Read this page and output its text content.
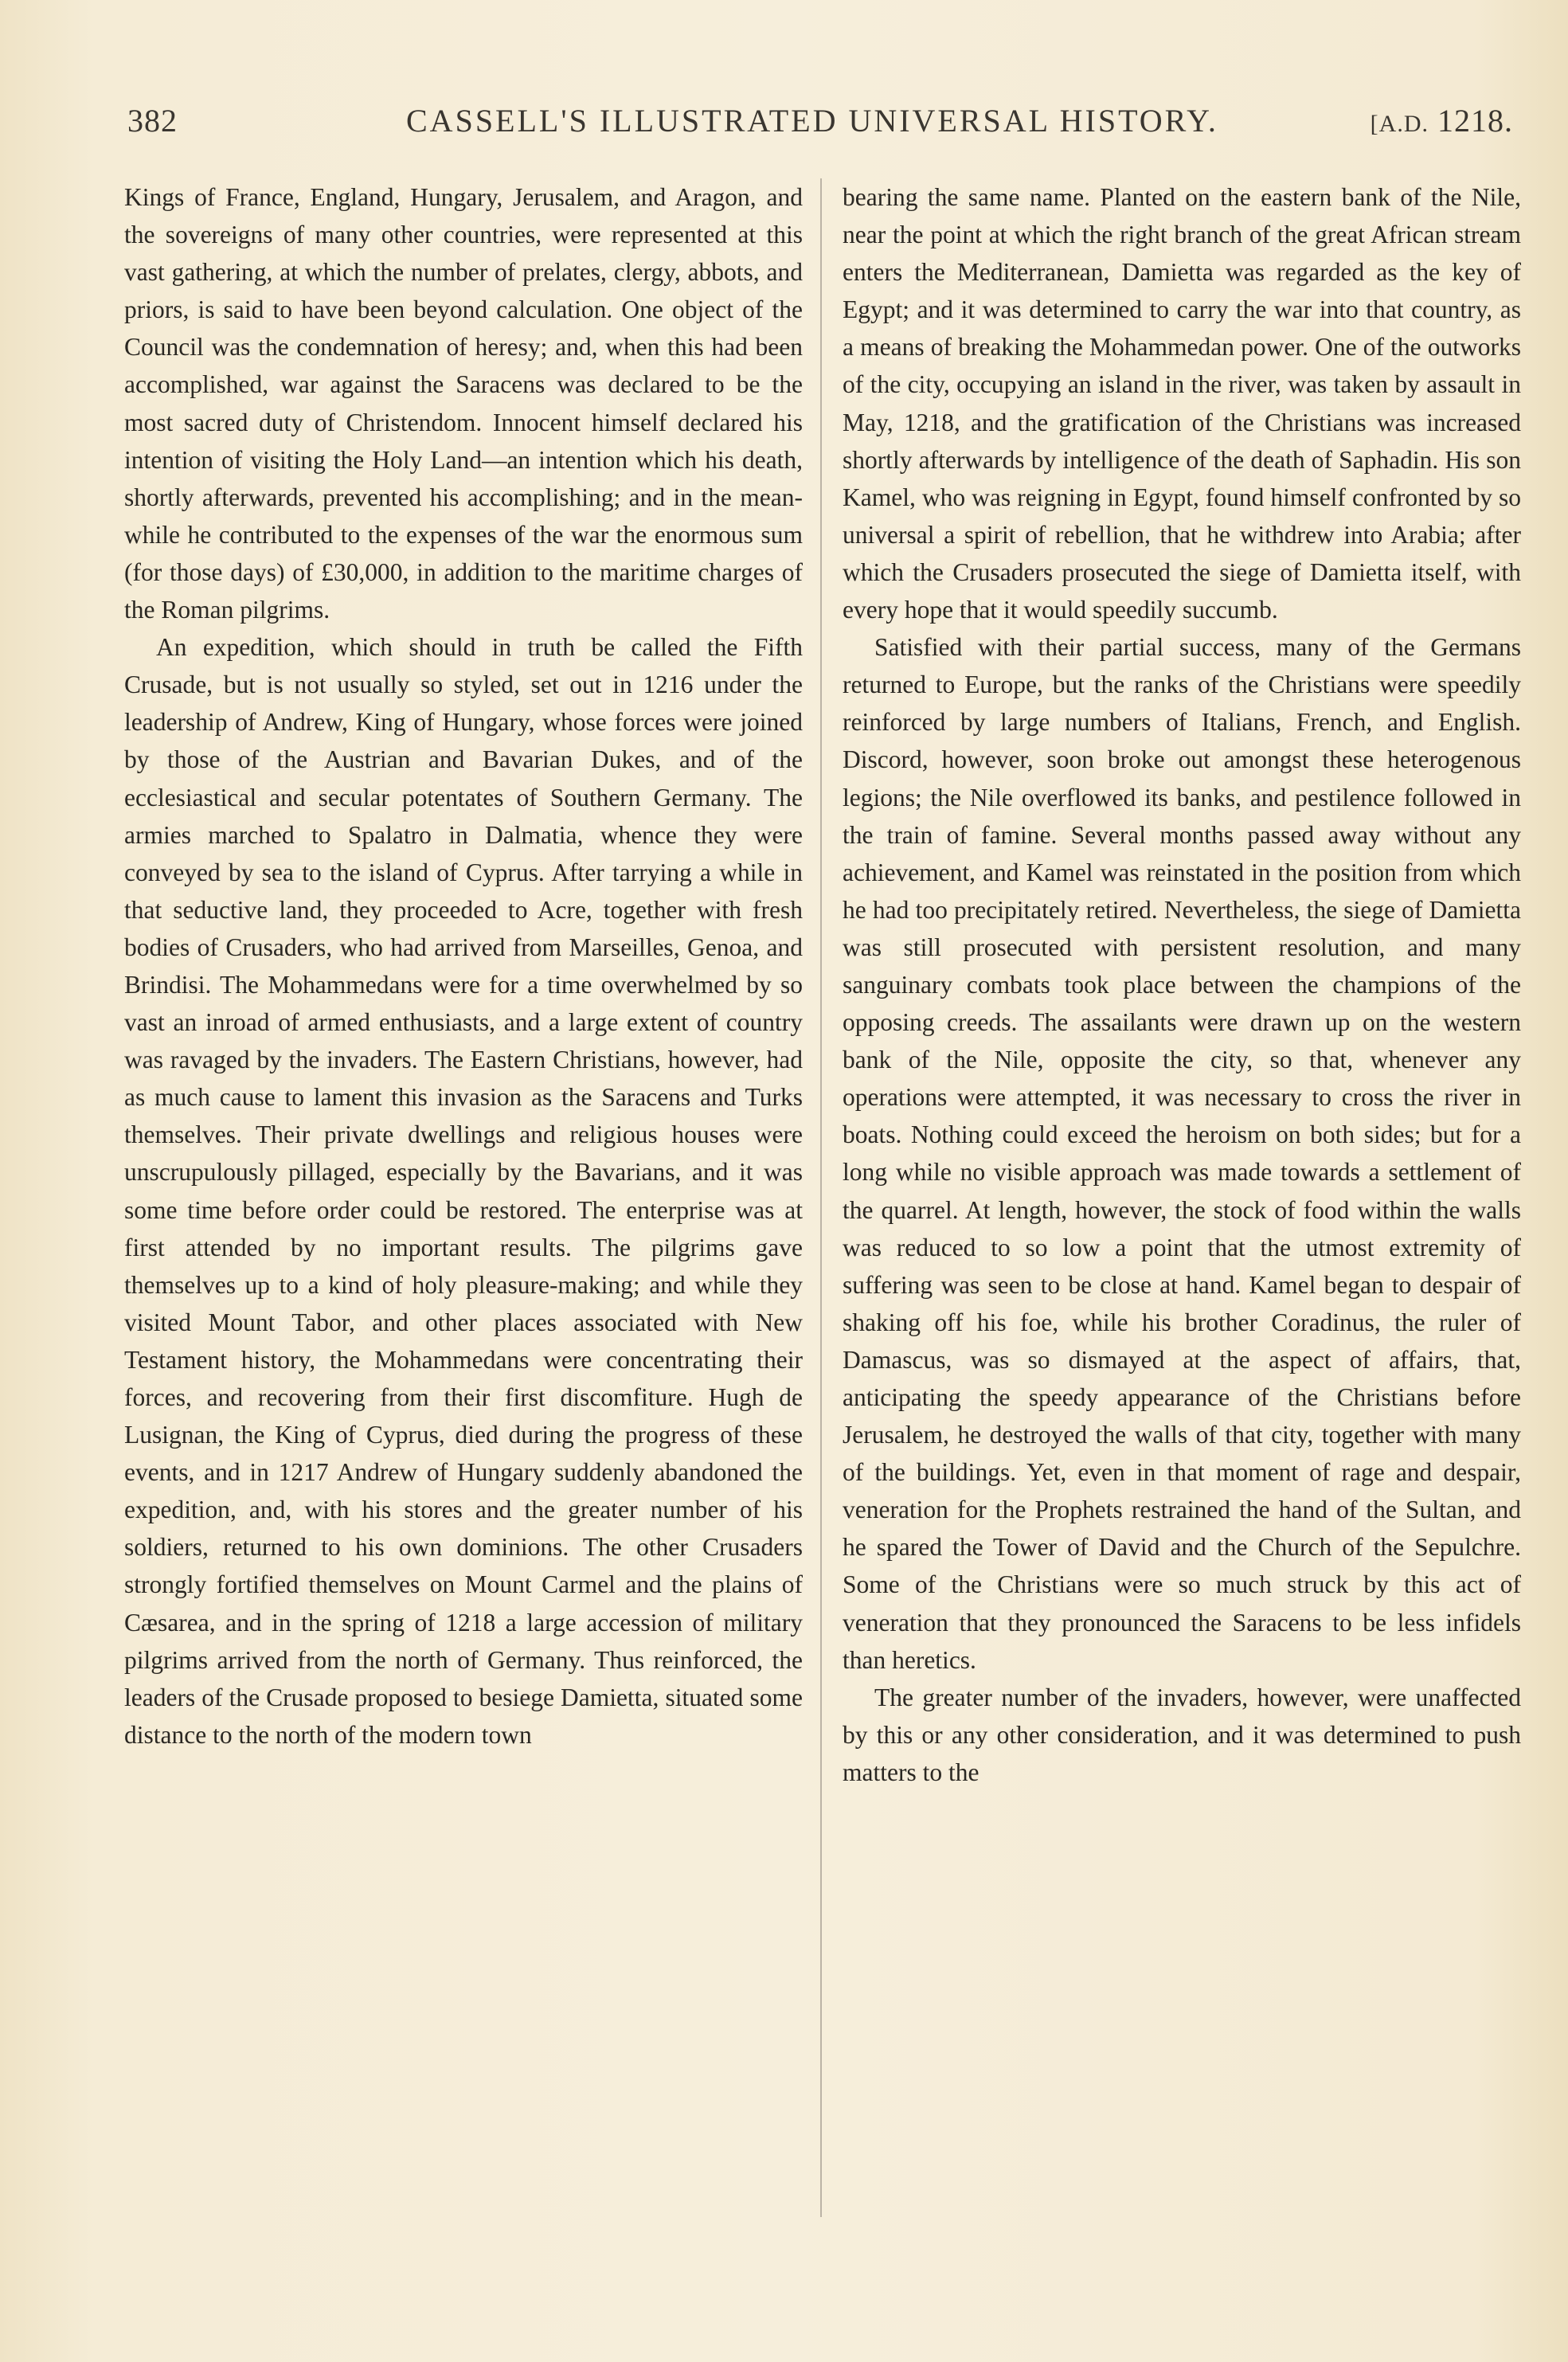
382	CASSELL'S ILLUSTRATED UNIVERSAL HISTORY.	[A.D. 1218.

Kings of France, England, Hungary, Jerusalem, and Aragon, and the sovereigns of many other countries, were represented at this vast gathering, at which the number of prelates, clergy, abbots, and priors, is said to have been beyond calculation. One object of the Council was the condemnation of heresy; and, when this had been accomplished, war against the Saracens was declared to be the most sacred duty of Christendom. Innocent himself declared his intention of visiting the Holy Land—an intention which his death, shortly afterwards, prevented his accomplishing; and in the mean-while he contributed to the expenses of the war the enormous sum (for those days) of £30,000, in addition to the maritime charges of the Roman pilgrims.

An expedition, which should in truth be called the Fifth Crusade, but is not usually so styled, set out in 1216 under the leadership of Andrew, King of Hungary, whose forces were joined by those of the Austrian and Bavarian Dukes, and of the ecclesiastical and secular potentates of Southern Germany. The armies marched to Spalatro in Dalmatia, whence they were conveyed by sea to the island of Cyprus. After tarrying a while in that seductive land, they proceeded to Acre, together with fresh bodies of Crusaders, who had arrived from Marseilles, Genoa, and Brindisi. The Mohammedans were for a time overwhelmed by so vast an inroad of armed enthusiasts, and a large extent of country was ravaged by the invaders. The Eastern Christians, however, had as much cause to lament this invasion as the Saracens and Turks themselves. Their private dwellings and religious houses were unscrupulously pillaged, especially by the Bavarians, and it was some time before order could be restored. The enterprise was at first attended by no important results. The pilgrims gave themselves up to a kind of holy pleasure-making; and while they visited Mount Tabor, and other places associated with New Testament history, the Mohammedans were concentrating their forces, and recovering from their first discomfiture. Hugh de Lusignan, the King of Cyprus, died during the progress of these events, and in 1217 Andrew of Hungary suddenly abandoned the expedition, and, with his stores and the greater number of his soldiers, returned to his own dominions. The other Crusaders strongly fortified themselves on Mount Carmel and the plains of Cæsarea, and in the spring of 1218 a large accession of military pilgrims arrived from the north of Germany. Thus reinforced, the leaders of the Crusade proposed to besiege Damietta, situated some distance to the north of the modern town

bearing the same name. Planted on the eastern bank of the Nile, near the point at which the right branch of the great African stream enters the Mediterranean, Damietta was regarded as the key of Egypt; and it was determined to carry the war into that country, as a means of breaking the Mohammedan power. One of the outworks of the city, occupying an island in the river, was taken by assault in May, 1218, and the gratification of the Christians was increased shortly afterwards by intelligence of the death of Saphadin. His son Kamel, who was reigning in Egypt, found himself confronted by so universal a spirit of rebellion, that he withdrew into Arabia; after which the Crusaders prosecuted the siege of Damietta itself, with every hope that it would speedily succumb.

Satisfied with their partial success, many of the Germans returned to Europe, but the ranks of the Christians were speedily reinforced by large numbers of Italians, French, and English. Discord, however, soon broke out amongst these heterogenous legions; the Nile overflowed its banks, and pestilence followed in the train of famine. Several months passed away without any achievement, and Kamel was reinstated in the position from which he had too precipitately retired. Nevertheless, the siege of Damietta was still prosecuted with persistent resolution, and many sanguinary combats took place between the champions of the opposing creeds. The assailants were drawn up on the western bank of the Nile, opposite the city, so that, whenever any operations were attempted, it was necessary to cross the river in boats. Nothing could exceed the heroism on both sides; but for a long while no visible approach was made towards a settlement of the quarrel. At length, however, the stock of food within the walls was reduced to so low a point that the utmost extremity of suffering was seen to be close at hand. Kamel began to despair of shaking off his foe, while his brother Coradinus, the ruler of Damascus, was so dismayed at the aspect of affairs, that, anticipating the speedy appearance of the Christians before Jerusalem, he destroyed the walls of that city, together with many of the buildings. Yet, even in that moment of rage and despair, veneration for the Prophets restrained the hand of the Sultan, and he spared the Tower of David and the Church of the Sepulchre. Some of the Christians were so much struck by this act of veneration that they pronounced the Saracens to be less infidels than heretics.

The greater number of the invaders, however, were unaffected by this or any other consideration, and it was determined to push matters to the
